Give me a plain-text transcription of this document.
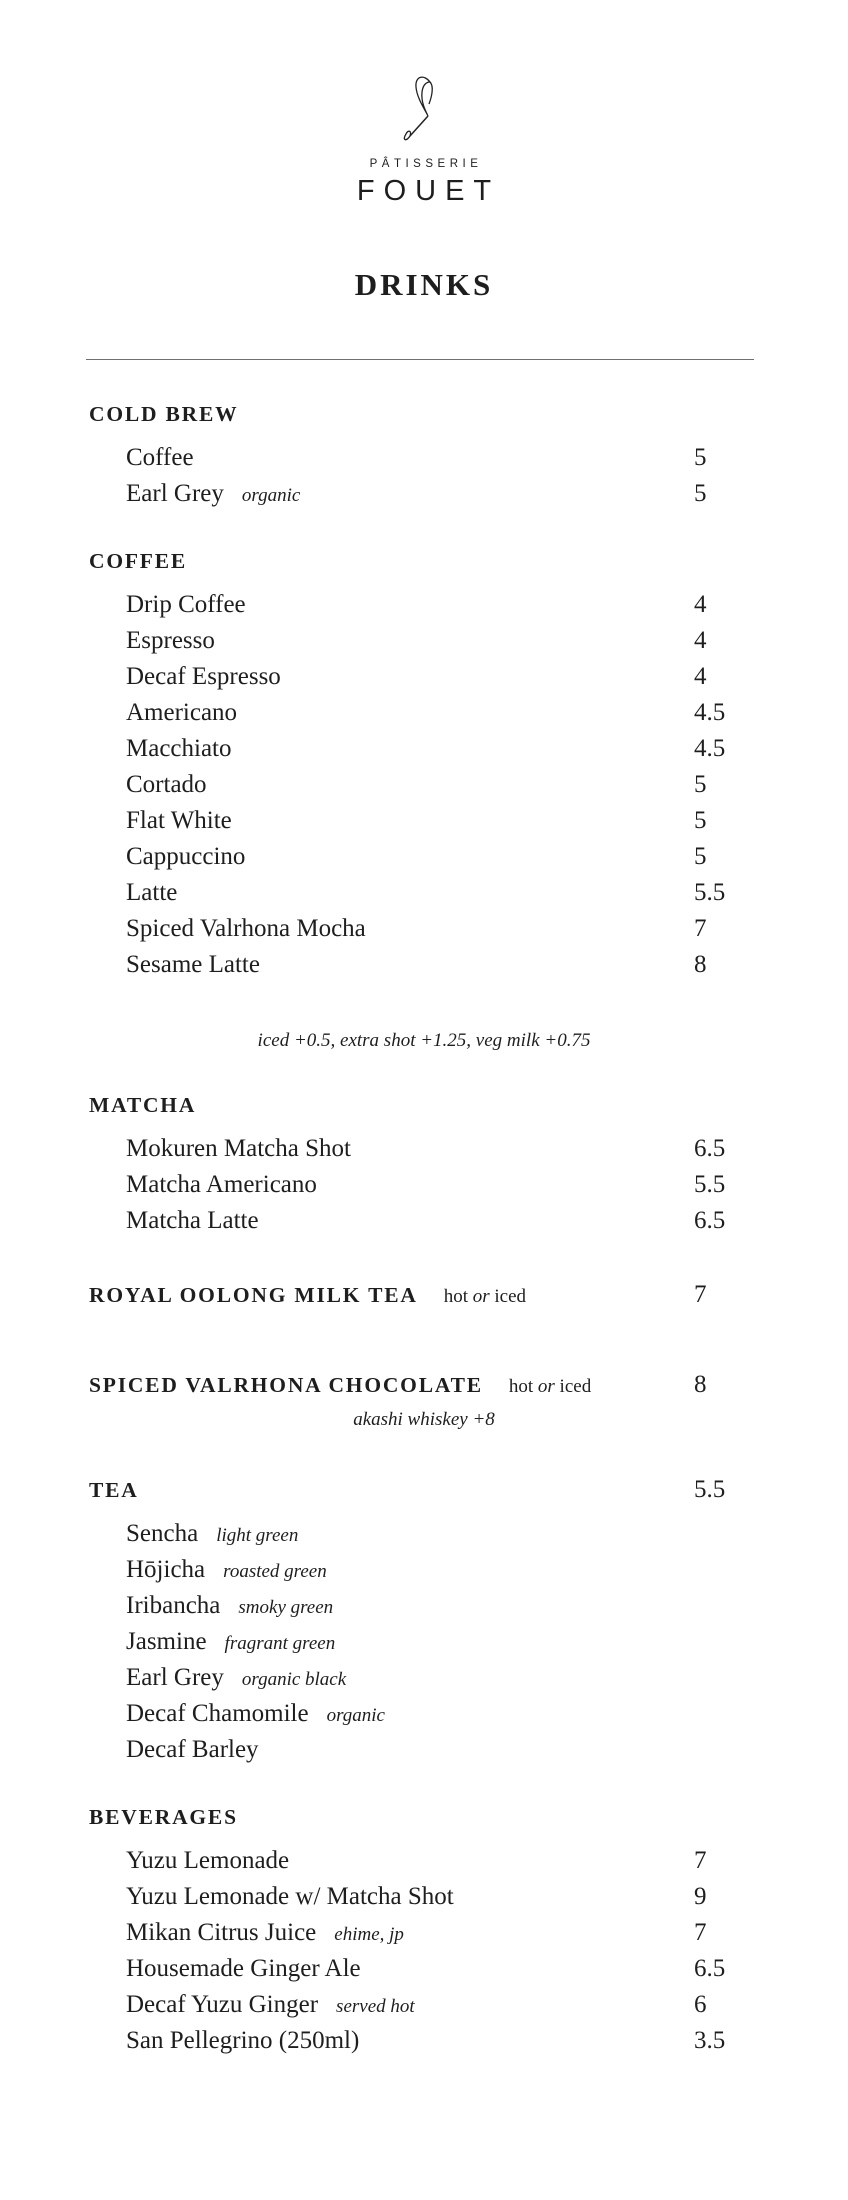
PÂTISSERIE
FOUET
DRINKS
COLD BREW
Coffee	5
Earl Grey organic	5
COFFEE
Drip Coffee	4
Espresso	4
Decaf Espresso	4
Americano	4.5
Macchiato	4.5
Cortado	5
Flat White	5
Cappuccino	5
Latte	5.5
Spiced Valrhona Mocha	7
Sesame Latte	8
iced +0.5, extra shot +1.25, veg milk +0.75
MATCHA
Mokuren Matcha Shot	6.5
Matcha Americano	5.5
Matcha Latte	6.5
ROYAL OOLONG MILK TEA hot or iced	7
SPICED VALRHONA CHOCOLATE hot or iced	8
akashi whiskey +8
TEA	5.5
Sencha light green
Hōjicha roasted green
Iribancha smoky green
Jasmine fragrant green
Earl Grey organic black
Decaf Chamomile organic
Decaf Barley
BEVERAGES
Yuzu Lemonade	7
Yuzu Lemonade w/ Matcha Shot	9
Mikan Citrus Juice ehime, jp	7
Housemade Ginger Ale	6.5
Decaf Yuzu Ginger served hot	6
San Pellegrino (250ml)	3.5
